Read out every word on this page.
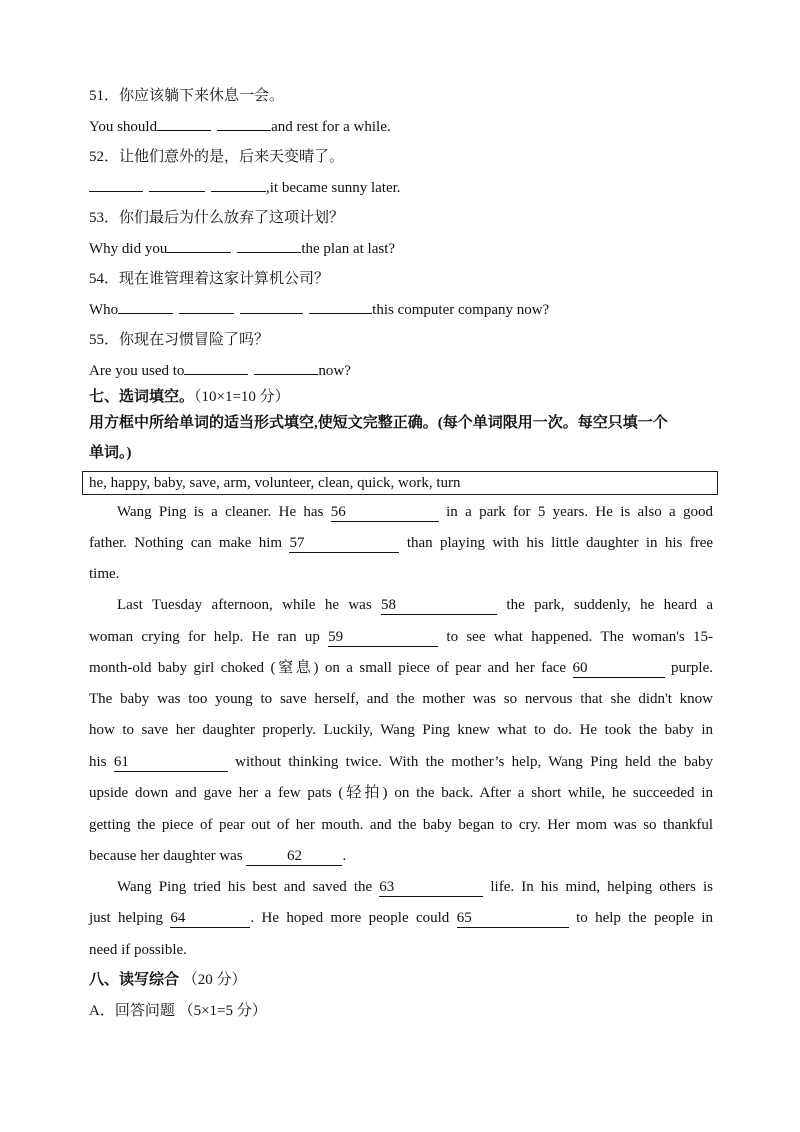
51．你应该躺下来休息一会。
You should	and rest for a while.
52．让他们意外的是，后来天变晴了。
,it became sunny later.
53．你们最后为什么放弃了这项计划？
Why did you	the plan at last?
54．现在谁管理着这家计算机公司？
Who	this computer company now?
55．你现在习惯冒险了吗？
Are you used to	now?
七、选词填空。（10×1=10 分）
用方框中所给单词的适当形式填空,使短文完整正确。(每个单词限用一次。每空只填一个
单词。)
he, happy, baby, save, arm, volunteer, clean, quick, work, turn
Wang Ping is a cleaner. He has 56	in a park for 5 years. He is also a good
father. Nothing can make him 57	than playing with his little daughter in his free
time.
Last Tuesday afternoon, while he was 58	the park, suddenly, he heard a
woman crying for help. He ran up 59	to see what happened. The woman's 15-
month-old baby girl choked (窒息) on a small piece of pear and her face 60	purple.
The baby was too young to save herself, and the mother was so nervous that she didn't know
how to save her daughter properly. Luckily, Wang Ping knew what to do. He took the baby in
his 61	without thinking twice. With the mother’s help, Wang Ping held the baby
upside down and gave her a few pats (轻拍) on the back. After a short while, he succeeded in
getting the piece of pear out of her mouth. and the baby began to cry. Her mom was so thankful
because her daughter was	62	.
Wang Ping tried his best and saved the 63	life. In his mind, helping others is
just helping 64	. He hoped more people could 65	to help the people in
need if possible.
八、读写综合 （20 分）
A．回答问题 （5×1=5 分）
